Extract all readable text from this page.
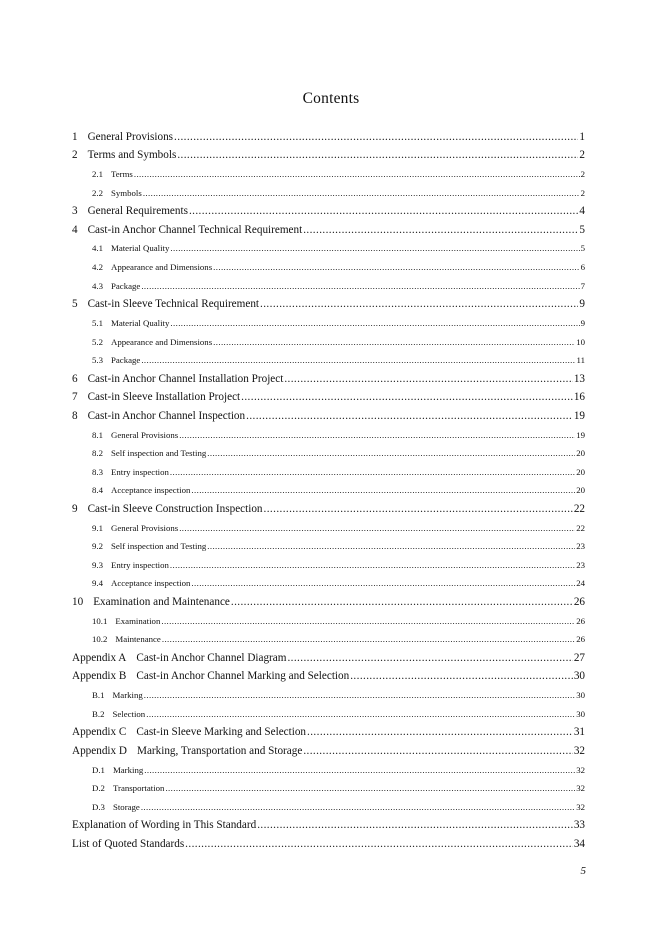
Contents
1 General Provisions .....	1
2 Terms and Symbols .....	2
2.1 Terms .....	2
2.2 Symbols .....	2
3 General Requirements .....	4
4 Cast-in Anchor Channel Technical Requirement .....	5
4.1 Material Quality .....	5
4.2 Appearance and Dimensions .....	6
4.3 Package .....	7
5 Cast-in Sleeve Technical Requirement .....	9
5.1 Material Quality .....	9
5.2 Appearance and Dimensions .....	10
5.3 Package .....	11
6 Cast-in Anchor Channel Installation Project .....	13
7 Cast-in Sleeve Installation Project .....	16
8 Cast-in Anchor Channel Inspection .....	19
8.1 General Provisions .....	19
8.2 Self inspection and Testing .....	20
8.3 Entry inspection .....	20
8.4 Acceptance inspection .....	20
9 Cast-in Sleeve Construction Inspection .....	22
9.1 General Provisions .....	22
9.2 Self inspection and Testing .....	23
9.3 Entry inspection .....	23
9.4 Acceptance inspection .....	24
10 Examination and Maintenance .....	26
10.1 Examination .....	26
10.2 Maintenance .....	26
Appendix A Cast-in Anchor Channel Diagram .....	27
Appendix B Cast-in Anchor Channel Marking and Selection .....	30
B.1 Marking .....	30
B.2 Selection .....	30
Appendix C Cast-in Sleeve Marking and Selection .....	31
Appendix D Marking, Transportation and Storage .....	32
D.1 Marking .....	32
D.2 Transportation .....	32
D.3 Storage .....	32
Explanation of Wording in This Standard .....	33
List of Quoted Standards .....	34
5
